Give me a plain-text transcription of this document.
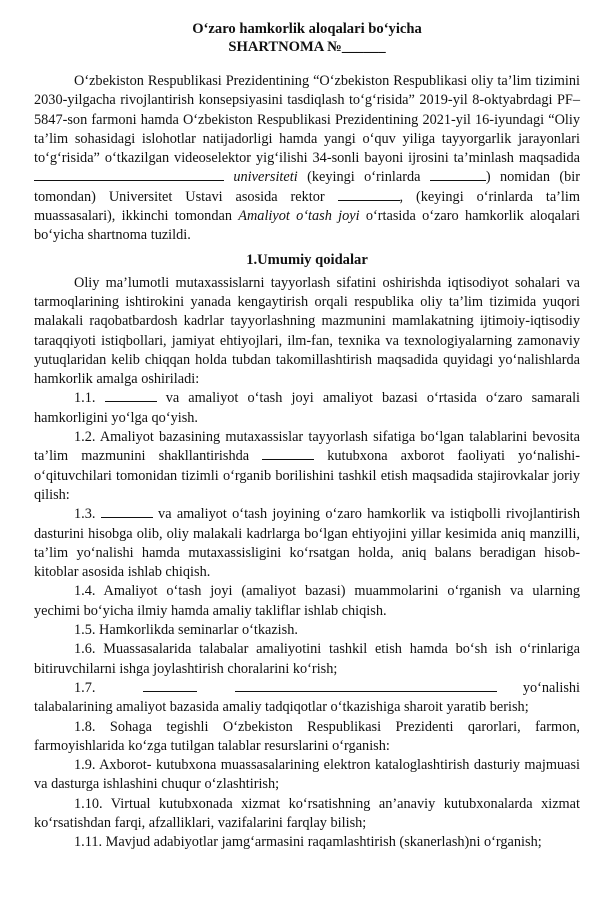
O‘zaro hamkorlik aloqalari bo‘yicha
SHARTNOMA №______

O‘zbekiston Respublikasi Prezidentining “O‘zbekiston Respublikasi oliy ta’lim tizimini 2030-yilgacha rivojlantirish konsepsiyasini tasdiqlash to‘g‘risida” 2019-yil 8-oktyabrdagi PF–5847-son farmoni hamda O‘zbekiston Respublikasi Prezidentining 2021-yil 16-iyundagi “Oliy ta’lim sohasidagi islohotlar natijadorligi hamda yangi o‘quv yiliga tayyorgarlik jarayonlari to‘g‘risida” o‘tkazilgan videoselektor yig‘ilishi 34-sonli bayoni ijrosini ta’minlash maqsadida  universiteti (keyingi o‘rinlarda	) nomidan (bir tomondan) Universitet Ustavi asosida rektor	, (keyingi o‘rinlarda ta’lim muassasalari), ikkinchi tomondan Amaliyot o‘tash joyi o‘rtasida o‘zaro hamkorlik aloqalari bo‘yicha shartnoma tuzildi.

1.Umumiy qoidalar

Oliy ma’lumotli mutaxassislarni tayyorlash sifatini oshirishda iqtisodiyot sohalari va tarmoqlarining ishtirokini yanada kengaytirish orqali respublika oliy ta’lim tizimida yuqori malakali raqobatbardosh kadrlar tayyorlashning mazmunini mamlakatning ijtimoiy-iqtisodiy taraqqiyoti istiqbollari, jamiyat ehtiyojlari, ilm-fan, texnika va texnologiyalarning zamonaviy yutuqlaridan kelib chiqqan holda tubdan takomillashtirish maqsadida quyidagi yo‘nalishlarda hamkorlik amalga oshiriladi:

1.1.	va amaliyot o‘tash joyi amaliyot bazasi o‘rtasida o‘zaro samarali hamkorligini yo‘lga qo‘yish.

1.2. Amaliyot bazasining mutaxassislar tayyorlash sifatiga bo‘lgan talablarini bevosita ta’lim mazmunini shakllantirishda	kutubxona axborot faoliyati yo‘nalishi-o‘qituvchilari tomonidan tizimli o‘rganib borilishini tashkil etish maqsadida stajirovkalar joriy qilish:

1.3.	va amaliyot o‘tash joyining o‘zaro hamkorlik va istiqbolli rivojlantirish dasturini hisobga olib, oliy malakali kadrlarga bo‘lgan ehtiyojini yillar kesimida aniq manzilli, ta’lim yo‘nalishi hamda mutaxassisligini ko‘rsatgan holda, aniq balans beradigan hisob-kitoblar asosida ishlab chiqish.

1.4. Amaliyot o‘tash joyi (amaliyot bazasi) muammolarini o‘rganish va ularning yechimi bo‘yicha ilmiy hamda amaliy takliflar ishlab chiqish.

1.5. Hamkorlikda seminarlar o‘tkazish.

1.6. Muassasalarida talabalar amaliyotini tashkil etish hamda bo‘sh ish o‘rinlariga bitiruvchilarni ishga joylashtirish choralarini ko‘rish;

1.7.	yo‘nalishi

talabalarining amaliyot bazasida amaliy tadqiqotlar o‘tkazishiga sharoit yaratib berish;

1.8. Sohaga tegishli O‘zbekiston Respublikasi Prezidenti qarorlari, farmon, farmoyishlarida ko‘zga tutilgan talablar resurslarini o‘rganish:

1.9. Axborot- kutubxona muassasalarining elektron kataloglashtirish dasturiy majmuasi va dasturga ishlashini chuqur o‘zlashtirish;

1.10. Virtual kutubxonada xizmat ko‘rsatishning an’anaviy kutubxonalarda xizmat ko‘rsatishdan farqi, afzalliklari, vazifalarini farqlay bilish;

1.11. Mavjud adabiyotlar jamg‘armasini raqamlashtirish (skanerlash)ni o‘rganish;
